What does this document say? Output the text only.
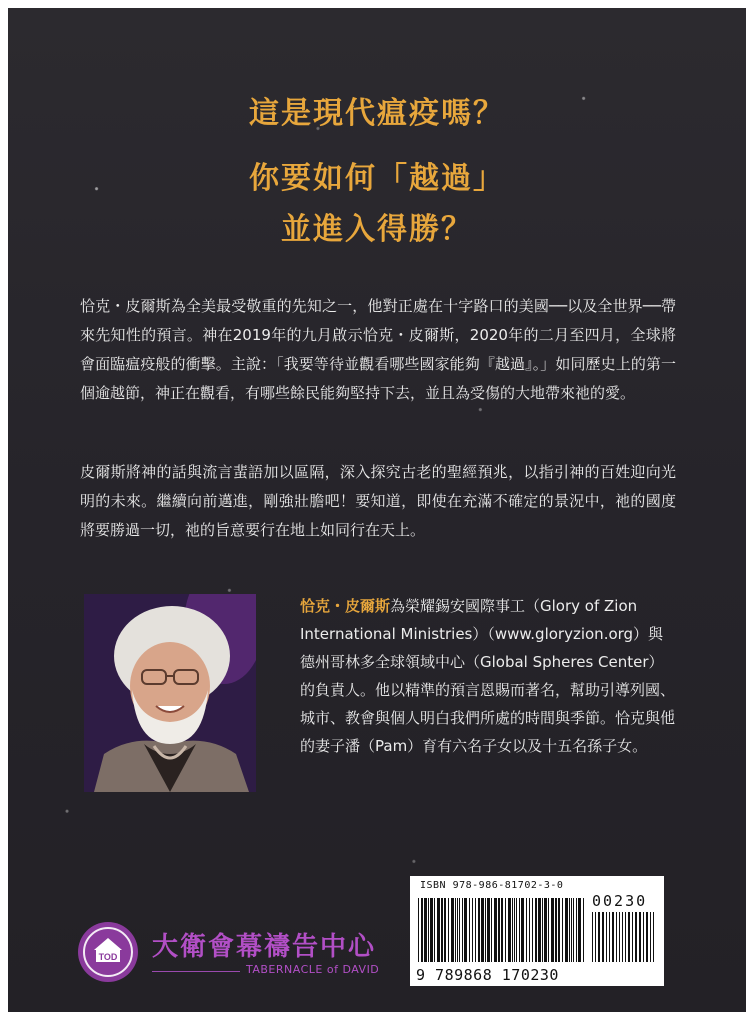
這是現代瘟疫嗎？
你要如何「越過」
並進入得勝？

恰克・皮爾斯為全美最受敬重的先知之一，他對正處在十字路口的美國──以及全世界──帶來先知性的預言。神在2019年的九月啟示恰克・皮爾斯，2020年的二月至四月，全球將會面臨瘟疫般的衝擊。主說：「我要等待並觀看哪些國家能夠『越過』。」如同歷史上的第一個逾越節，神正在觀看，有哪些餘民能夠堅持下去，並且為受傷的大地帶來祂的愛。

皮爾斯將神的話與流言蜚語加以區隔，深入探究古老的聖經預兆，以指引神的百姓迎向光明的未來。繼續向前邁進，剛強壯膽吧！要知道，即使在充滿不確定的景況中，祂的國度將要勝過一切，祂的旨意要行在地上如同行在天上。

恰克・皮爾斯為榮耀錫安國際事工（Glory of Zion International Ministries）（www.gloryzion.org）與德州哥林多全球領域中心（Global Spheres Center）的負責人。他以精準的預言恩賜而著名，幫助引導列國、城市、教會與個人明白我們所處的時間與季節。恰克與他的妻子潘（Pam）育有六名子女以及十五名孫子女。

TOD 大衛會幕禱告中心
TABERNACLE of DAVID
ISBN 978-986-81702-3-0
00230
9 789868 170230
